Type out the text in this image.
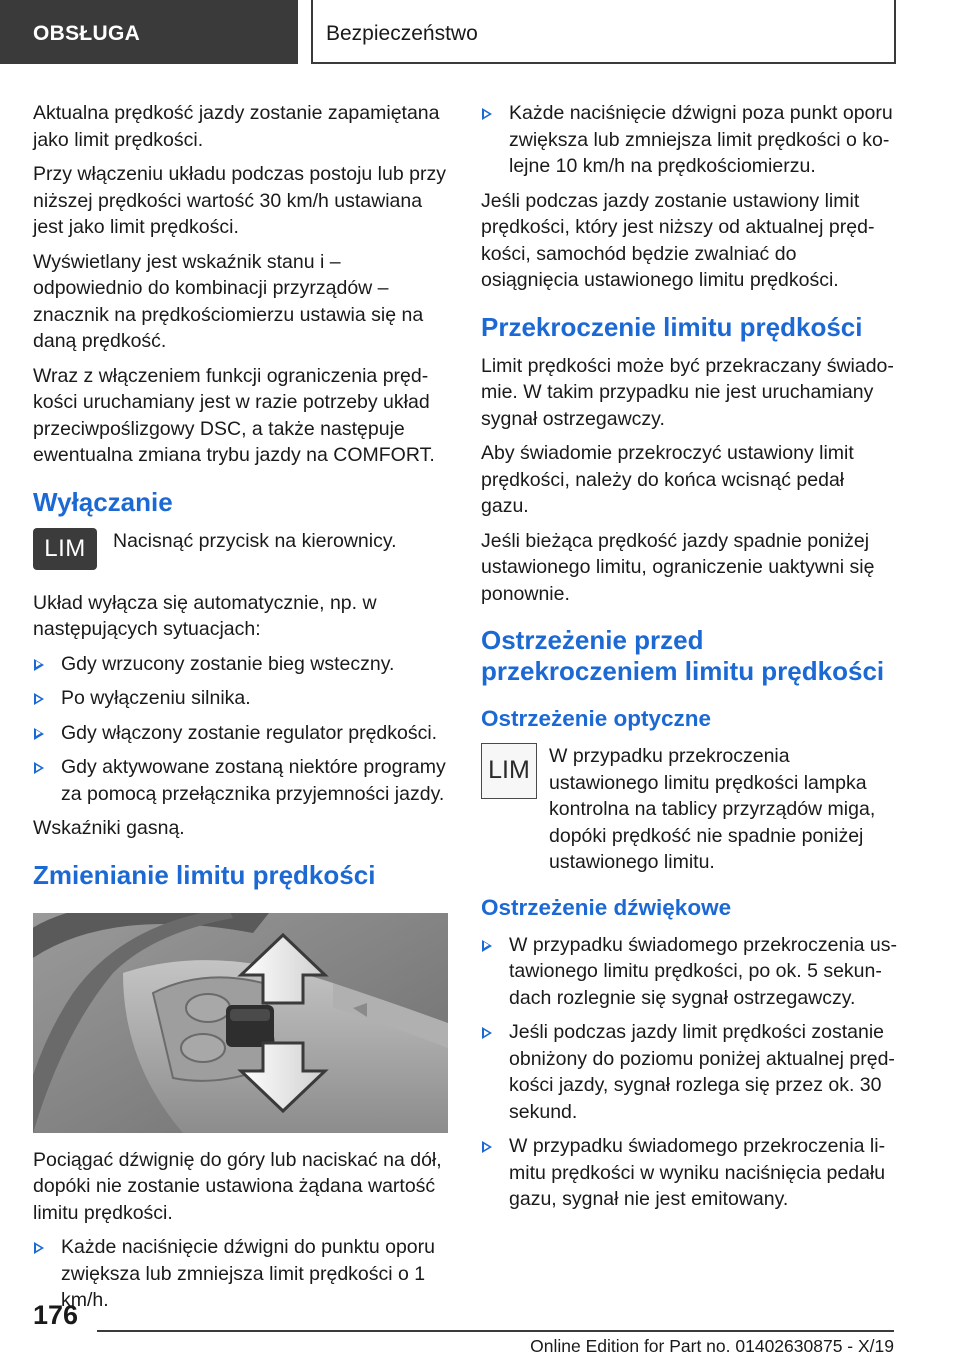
OBSŁUGA	Bezpieczeństwo

Aktualna prędkość jazdy zostanie zapamiętana jako limit prędkości.

Przy włączeniu układu podczas postoju lub przy niższej prędkości wartość 30 km/h ustawiana jest jako limit prędkości.

Wyświetlany jest wskaźnik stanu i – odpowiednio do kombinacji przyrządów – znacznik na prędkościomierzu ustawia się na daną prędkość.

Wraz z włączeniem funkcji ograniczenia prędkości uruchamiany jest w razie potrzeby układ przeciwpoślizgowy DSC, a także następuje ewentualna zmiana trybu jazdy na COMFORT.

Wyłączanie
LIM	Nacisnąć przycisk na kierownicy.

Układ wyłącza się automatycznie, np. w następujących sytuacjach:

Gdy wrzucony zostanie bieg wsteczny.
Po wyłączeniu silnika.
Gdy włączony zostanie regulator prędkości.
Gdy aktywowane zostaną niektóre programy za pomocą przełącznika przyjemności jazdy.

Wskaźniki gasną.

Zmienianie limitu prędkości

Pociągać dźwignię do góry lub naciskać na dół, dopóki nie zostanie ustawiona żądana wartość limitu prędkości.

Każde naciśnięcie dźwigni do punktu oporu zwiększa lub zmniejsza limit prędkości o 1 km/h.
Każde naciśnięcie dźwigni poza punkt oporu zwiększa lub zmniejsza limit prędkości o kolejne 10 km/h na prędkościomierzu.

Jeśli podczas jazdy zostanie ustawiony limit prędkości, który jest niższy od aktualnej prędkości, samochód będzie zwalniać do osiągnięcia ustawionego limitu prędkości.

Przekroczenie limitu prędkości

Limit prędkości może być przekraczany świadomie. W takim przypadku nie jest uruchamiany sygnał ostrzegawczy.

Aby świadomie przekroczyć ustawiony limit prędkości, należy do końca wcisnąć pedał gazu.

Jeśli bieżąca prędkość jazdy spadnie poniżej ustawionego limitu, ograniczenie uaktywni się ponownie.

Ostrzeżenie przed przekroczeniem limitu prędkości
Ostrzeżenie optyczne
LIM W przypadku przekroczenia ustawionego limitu prędkości lampka kontrolna na tablicy przyrządów miga, dopóki prędkość nie spadnie poniżej ustawionego limitu.

Ostrzeżenie dźwiękowe
W przypadku świadomego przekroczenia ustawionego limitu prędkości, po ok. 5 sekundach rozlegnie się sygnał ostrzegawczy.
Jeśli podczas jazdy limit prędkości zostanie obniżony do poziomu poniżej aktualnej prędkości jazdy, sygnał rozlega się przez ok. 30 sekund.
W przypadku świadomego przekroczenia limitu prędkości w wyniku naciśnięcia pedału gazu, sygnał nie jest emitowany.
176
Online Edition for Part no. 01402630875 - X/19
